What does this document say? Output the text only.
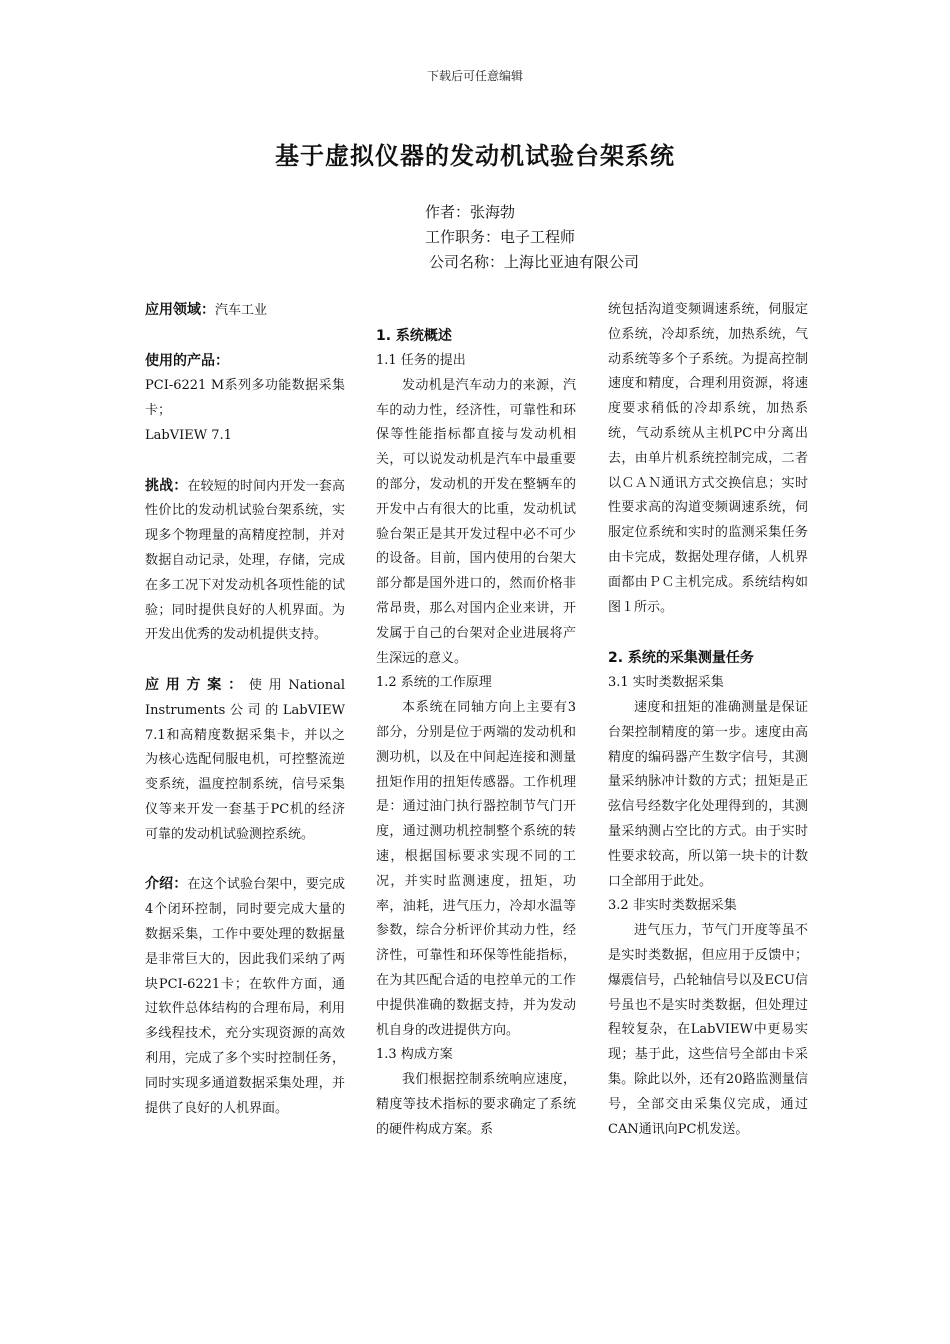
下载后可任意编辑
基于虚拟仪器的发动机试验台架系统
作者：张海勃
工作职务：电子工程师
公司名称：上海比亚迪有限公司

应用领域：汽车工业

使用的产品：

PCI-6221 M系列多功能数据采集卡；

LabVIEW 7.1

挑战：在较短的时间内开发一套高性价比的发动机试验台架系统，实现多个物理量的高精度控制，并对数据自动记录，处理，存储，完成在多工况下对发动机各项性能的试验；同时提供良好的人机界面。为开发出优秀的发动机提供支持。

应用方案：使用National Instruments公司的LabVIEW 7.1和高精度数据采集卡，并以之为核心选配伺服电机，可控整流逆变系统，温度控制系统，信号采集仪等来开发一套基于PC机的经济可靠的发动机试验测控系统。

介绍：在这个试验台架中，要完成4个闭环控制，同时要完成大量的数据采集，工作中要处理的数据量是非常巨大的，因此我们采纳了两块PCI-6221卡；在软件方面，通过软件总体结构的合理布局，利用多线程技术，充分实现资源的高效利用，完成了多个实时控制任务，同时实现多通道数据采集处理，并提供了良好的人机界面。

1. 系统概述
1.1 任务的提出

发动机是汽车动力的来源，汽车的动力性，经济性，可靠性和环保等性能指标都直接与发动机相关，可以说发动机是汽车中最重要的部分，发动机的开发在整辆车的开发中占有很大的比重，发动机试验台架正是其开发过程中必不可少的设备。目前，国内使用的台架大部分都是国外进口的，然而价格非常昂贵，那么对国内企业来讲，开发属于自己的台架对企业进展将产生深远的意义。

1.2 系统的工作原理

本系统在同轴方向上主要有3部分，分别是位于两端的发动机和测功机，以及在中间起连接和测量扭矩作用的扭矩传感器。工作机理是：通过油门执行器控制节气门开度，通过测功机控制整个系统的转速，根据国标要求实现不同的工况，并实时监测速度，扭矩，功率，油耗，进气压力，冷却水温等参数，综合分析评价其动力性，经济性，可靠性和环保等性能指标，在为其匹配合适的电控单元的工作中提供准确的数据支持，并为发动机自身的改进提供方向。

1.3 构成方案

我们根据控制系统响应速度，精度等技术指标的要求确定了系统的硬件构成方案。系

统包括沟道变频调速系统，伺服定位系统，冷却系统，加热系统，气动系统等多个子系统。为提高控制速度和精度，合理利用资源，将速度要求稍低的冷却系统，加热系统，气动系统从主机PC中分离出去，由单片机系统控制完成，二者以ＣＡＮ通讯方式交换信息；实时性要求高的沟道变频调速系统，伺服定位系统和实时的监测采集任务由卡完成，数据处理存储，人机界面都由ＰＣ主机完成。系统结构如图１所示。

2. 系统的采集测量任务
3.1 实时类数据采集

速度和扭矩的准确测量是保证台架控制精度的第一步。速度由高精度的编码器产生数字信号，其测量采纳脉冲计数的方式；扭矩是正弦信号经数字化处理得到的，其测量采纳测占空比的方式。由于实时性要求较高，所以第一块卡的计数口全部用于此处。

3.2 非实时类数据采集

进气压力，节气门开度等虽不是实时类数据，但应用于反馈中；爆震信号，凸轮轴信号以及ECU信号虽也不是实时类数据，但处理过程较复杂，在LabVIEW中更易实现；基于此，这些信号全部由卡采集。除此以外，还有20路监测量信号，全部交由采集仪完成，通过CAN通讯向PC机发送。
